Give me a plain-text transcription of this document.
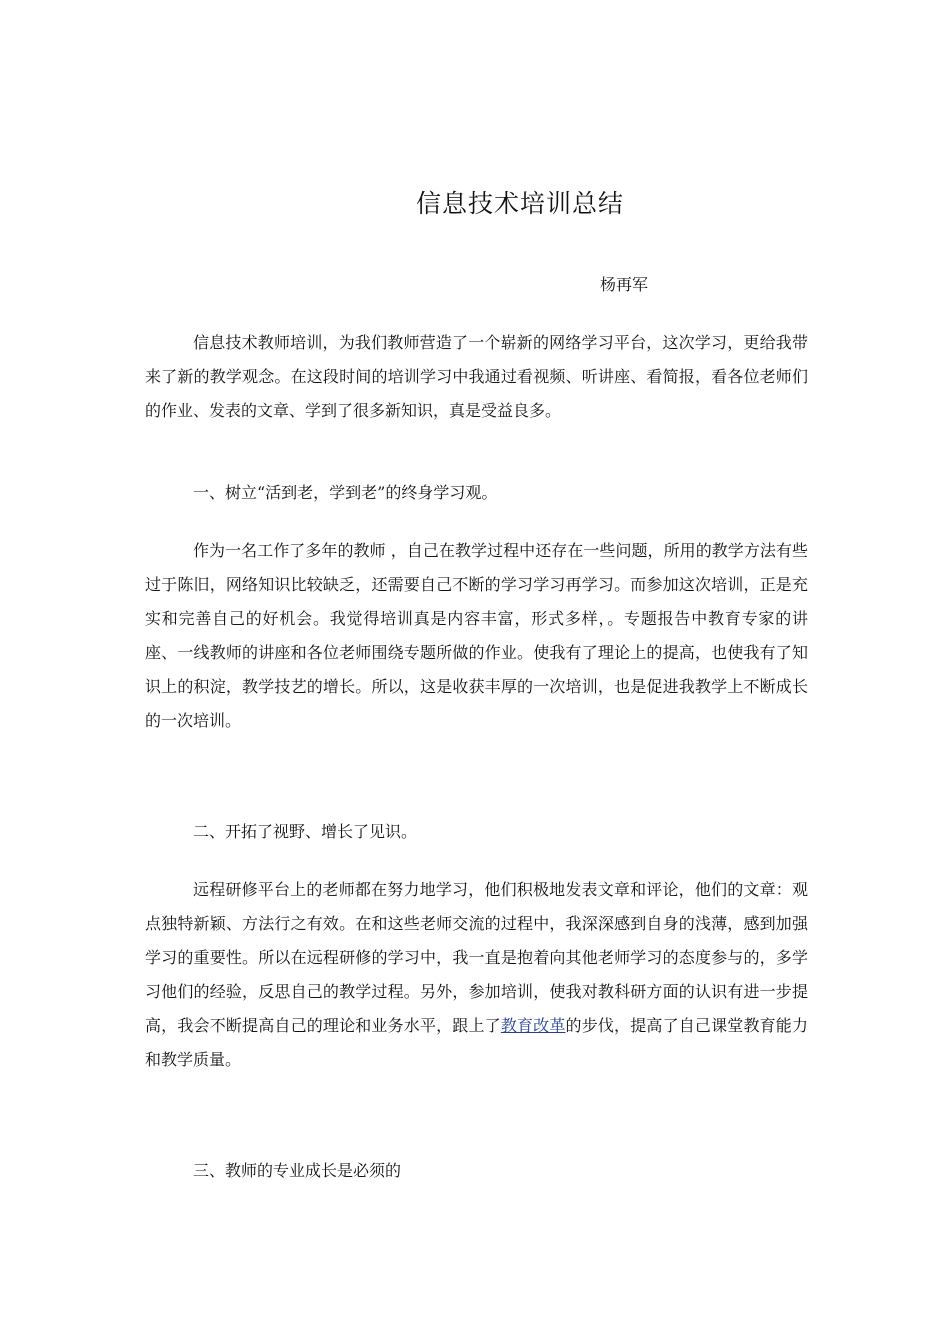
信息技术培训总结
杨再军

信息技术教师培训，为我们教师营造了一个崭新的网络学习平台，这次学习，更给我带来了新的教学观念。在这段时间的培训学习中我通过看视频、听讲座、看简报，看各位老师们的作业、发表的文章、学到了很多新知识，真是受益良多。

一、树立“活到老，学到老”的终身学习观。

作为一名工作了多年的教师 ，自己在教学过程中还存在一些问题，所用的教学方法有些过于陈旧，网络知识比较缺乏，还需要自己不断的学习学习再学习。而参加这次培训，正是充实和完善自己的好机会。我觉得培训真是内容丰富，形式多样，。专题报告中教育专家的讲座、一线教师的讲座和各位老师围绕专题所做的作业。使我有了理论上的提高，也使我有了知识上的积淀，教学技艺的增长。所以，这是收获丰厚的一次培训，也是促进我教学上不断成长的一次培训。

二、开拓了视野、增长了见识。

远程研修平台上的老师都在努力地学习，他们积极地发表文章和评论，他们的文章：观点独特新颖、方法行之有效。在和这些老师交流的过程中，我深深感到自身的浅薄，感到加强学习的重要性。所以在远程研修的学习中，我一直是抱着向其他老师学习的态度参与的，多学习他们的经验，反思自己的教学过程。另外，参加培训，使我对教科研方面的认识有进一步提高，我会不断提高自己的理论和业务水平，跟上了教育改革的步伐，提高了自己课堂教育能力和教学质量。

三、教师的专业成长是必须的
